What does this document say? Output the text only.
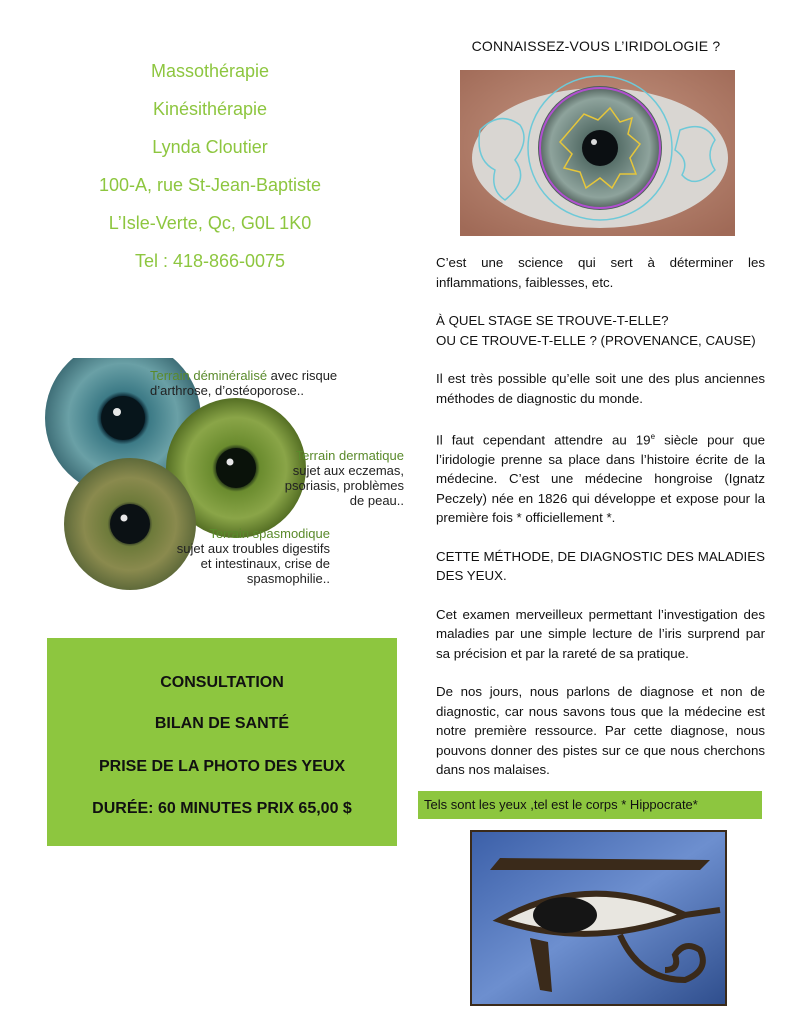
Massothérapie
Kinésithérapie
Lynda Cloutier
100-A, rue St-Jean-Baptiste
L’Isle-Verte, Qc, G0L 1K0
Tel : 418-866-0075
Terrain déminéralisé avec risque
d’arthrose, d’ostéoporose..
Terrain dermatique
sujet aux eczemas,
psoriasis, problèmes
de peau..
Terrain spasmodique
sujet aux troubles digestifs
et intestinaux, crise de
spasmophilie..
CONSULTATION
BILAN DE SANTÉ
PRISE DE LA PHOTO DES YEUX
DURÉE: 60 MINUTES PRIX 65,00 $
CONNAISSEZ-VOUS L’IRIDOLOGIE ?

C’est une science qui sert à déterminer les inflammations, faiblesses, etc.

À QUEL STAGE SE TROUVE-T-ELLE?
OU CE TROUVE-T-ELLE ? (PROVENANCE, CAUSE)

Il est très possible qu’elle soit une des plus anciennes méthodes de diagnostic du monde.

Il faut cependant attendre au 19e siècle pour que l’iridologie prenne sa place dans l’histoire écrite de la médecine. C’est une médecine hongroise (Ignatz Peczely) née en 1826 qui développe et expose pour la première fois * officiellement *.

CETTE MÉTHODE, DE DIAGNOSTIC DES MALADIES DES YEUX.

Cet examen merveilleux permettant l’investigation des maladies par une simple lecture de l’iris surprend par sa précision et par la rareté de sa pratique.

De nos jours, nous parlons de diagnose et non de diagnostic, car nous savons tous que la médecine est notre première ressource. Par cette diagnose, nous pouvons donner des pistes sur ce que nous cherchons dans nos malaises.

Tels sont les yeux ,tel est le corps * Hippocrate*
